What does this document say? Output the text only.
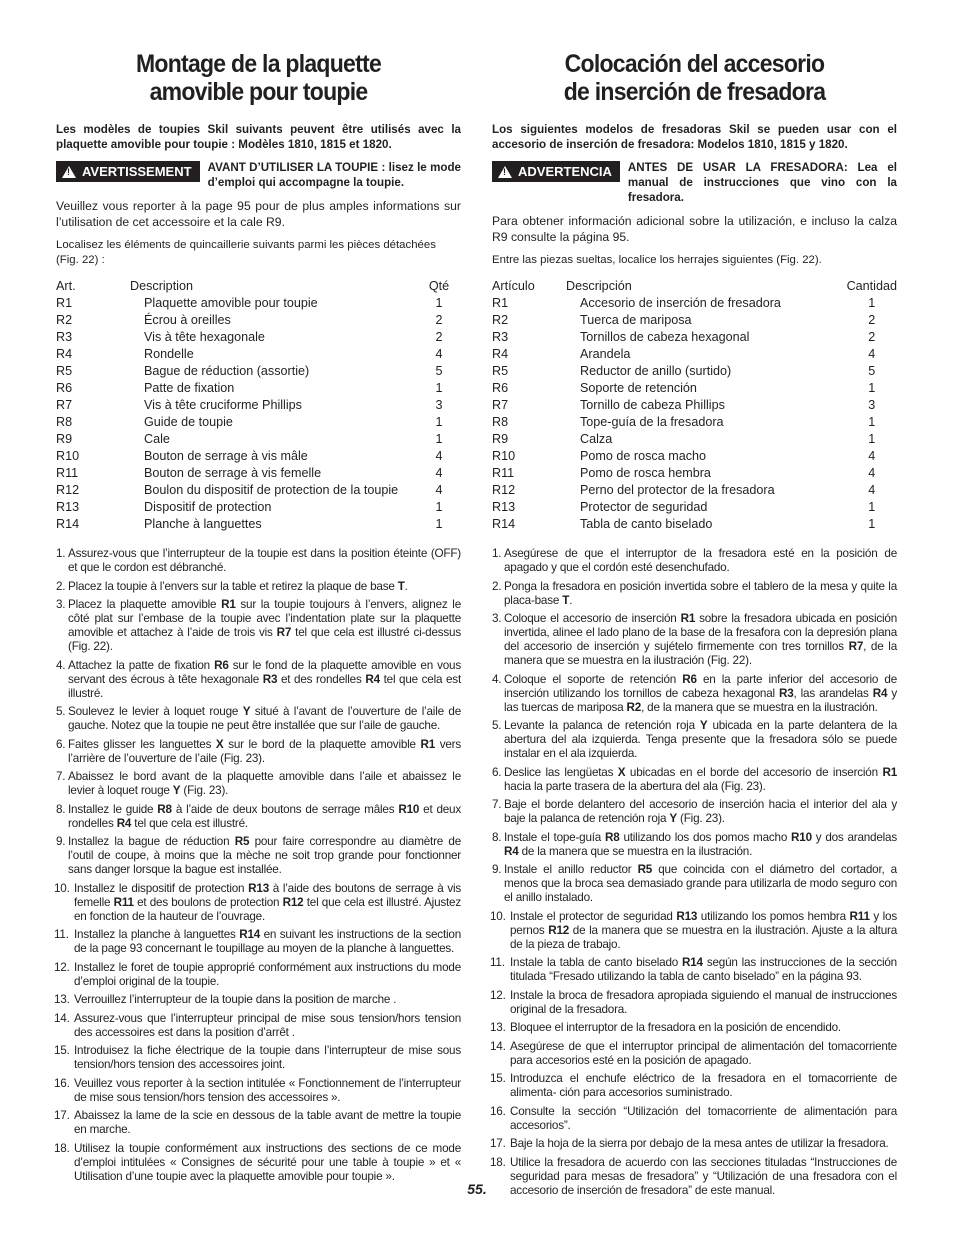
Montage de la plaquette
amovible pour toupie

Les modèles de toupies Skil suivants peuvent être utilisés avec la plaquette amovible pour toupie : Modèles 1810, 1815 et 1820.

!
AVERTISSEMENT AVANT D’UTILISER LA TOUPIE : lisez le mode d’emploi qui accompagne la toupie.

Veuillez vous reporter à la page 95 pour de plus amples informations sur l’utilisation de cet accessoire et la cale R9.

Localisez les éléments de quincaillerie suivants parmi les pièces détachées (Fig. 22) :

Art.	Description	Qté
R1	Plaquette amovible pour toupie	1
R2	Écrou à oreilles	2
R3	Vis à tête hexagonale	2
R4	Rondelle	4
R5	Bague de réduction (assortie)	5
R6	Patte de fixation	1
R7	Vis à tête cruciforme Phillips	3
R8	Guide de toupie	1
R9	Cale	1
R10	Bouton de serrage à vis mâle	4
R11	Bouton de serrage à vis femelle	4
R12	Boulon du dispositif de protection de la toupie	4
R13	Dispositif de protection	1
R14	Planche à languettes	1
1. Assurez-vous que l’interrupteur de la toupie est dans la position éteinte (OFF) et que le cordon est débranché.
2. Placez la toupie à l’envers sur la table et retirez la plaque de base T.
3. Placez la plaquette amovible R1 sur la toupie toujours à l’envers, alignez le côté plat sur l’embase de la toupie avec l’indentation plate sur la plaquette amovible et attachez à l’aide de trois vis R7 tel que cela est illustré ci-dessus (Fig. 22).
4. Attachez la patte de fixation R6 sur le fond de la plaquette amovible en vous servant des écrous à tête hexagonale R3 et des rondelles R4 tel que cela est illustré.
5. Soulevez le levier à loquet rouge Y situé à l’avant de l’ouverture de l’aile de gauche. Notez que la toupie ne peut être installée que sur l’aile de gauche.
6. Faites glisser les languettes X sur le bord de la plaquette amovible R1 vers l’arrière de l’ouverture de l’aile (Fig. 23).
7. Abaissez le bord avant de la plaquette amovible dans l’aile et abaissez le levier à loquet rouge Y (Fig. 23).
8. Installez le guide R8 à l’aide de deux boutons de serrage mâles R10 et deux rondelles R4 tel que cela est illustré.
9. Installez la bague de réduction R5 pour faire correspondre au diamètre de l’outil de coupe, à moins que la mèche ne soit trop grande pour fonctionner sans danger lorsque la bague est installée.
10. Installez le dispositif de protection R13 à l’aide des boutons de serrage à vis femelle R11 et des boulons de protection R12 tel que cela est illustré. Ajustez en fonction de la hauteur de l’ouvrage.
11. Installez la planche à languettes R14 en suivant les instructions de la section de la page 93 concernant le toupillage au moyen de la planche à languettes.
12. Installez le foret de toupie approprié conformément aux instructions du mode d’emploi original de la toupie.
13. Verrouillez l’interrupteur de la toupie dans la position de marche .
14. Assurez-vous que l’interrupteur principal de mise sous tension/hors tension des accessoires est dans la position d’arrêt .
15. Introduisez la fiche électrique de la toupie dans l’interrupteur de mise sous tension/hors tension des accessoires joint.
16. Veuillez vous reporter à la section intitulée « Fonctionnement de l’interrupteur de mise sous tension/hors tension des accessoires ».
17. Abaissez la lame de la scie en dessous de la table avant de mettre la toupie en marche.
18. Utilisez la toupie conformément aux instructions des sections de ce mode d’emploi intitulées « Consignes de sécurité pour une table à toupie » et « Utilisation d’une toupie avec la plaquette amovible pour toupie ».
Colocación del accesorio
de inserción de fresadora

Los siguientes modelos de fresadoras Skil se pueden usar con el accesorio de inserción de fresadora: Modelos 1810, 1815 y 1820.

!
ADVERTENCIA ANTES DE USAR LA FRESADORA: Lea el manual de instrucciones que vino con la fresadora.

Para obtener información adicional sobre la utilización, e incluso la calza R9 consulte la página 95.

Entre las piezas sueltas, localice los herrajes siguientes (Fig. 22).

Artículo	Descripción	Cantidad
R1	Accesorio de inserción de fresadora	1
R2	Tuerca de mariposa	2
R3	Tornillos de cabeza hexagonal	2
R4	Arandela	4
R5	Reductor de anillo (surtido)	5
R6	Soporte de retención	1
R7	Tornillo de cabeza Phillips	3
R8	Tope-guía de la fresadora	1
R9	Calza	1
R10	Pomo de rosca macho	4
R11	Pomo de rosca hembra	4
R12	Perno del protector de la fresadora	4
R13	Protector de seguridad	1
R14	Tabla de canto biselado	1
1. Asegúrese de que el interruptor de la fresadora esté en la posición de apagado y que el cordón esté desenchufado.
2. Ponga la fresadora en posición invertida sobre el tablero de la mesa y quite la placa-base T.
3. Coloque el accesorio de inserción R1 sobre la fresadora ubicada en posición invertida, alinee el lado plano de la base de la fresafora con la depresión plana del accesorio de inserción y sujételo firmemente con tres tornillos R7, de la manera que se muestra en la ilustración (Fig. 22).
4. Coloque el soporte de retención R6 en la parte inferior del accesorio de inserción utilizando los tornillos de cabeza hexagonal R3, las arandelas R4 y las tuercas de mariposa R2, de la manera que se muestra en la ilustración.
5. Levante la palanca de retención roja Y ubicada en la parte delantera de la abertura del ala izquierda. Tenga presente que la fresadora sólo se puede instalar en el ala izquierda.
6. Deslice las lengüetas X ubicadas en el borde del accesorio de inserción R1 hacia la parte trasera de la abertura del ala (Fig. 23).
7. Baje el borde delantero del accesorio de inserción hacia el interior del ala y baje la palanca de retención roja Y (Fig. 23).
8. Instale el tope-guía R8 utilizando los dos pomos macho R10 y dos arandelas R4 de la manera que se muestra en la ilustración.
9. Instale el anillo reductor R5 que coincida con el diámetro del cortador, a menos que la broca sea demasiado grande para utilizarla de modo seguro con el anillo instalado.
10. Instale el protector de seguridad R13 utilizando los pomos hembra R11 y los pernos R12 de la manera que se muestra en la ilustración. Ajuste a la altura de la pieza de trabajo.
11. Instale la tabla de canto biselado R14 según las instrucciones de la sección titulada “Fresado utilizando la tabla de canto biselado” en la página 93.
12. Instale la broca de fresadora apropiada siguiendo el manual de instrucciones original de la fresadora.
13. Bloquee el interruptor de la fresadora en la posición de encendido.
14. Asegúrese de que el interruptor principal de alimentación del tomacorriente para accesorios esté en la posición de apagado.
15. Introduzca el enchufe eléctrico de la fresadora en el tomacorriente de alimenta- ción para accesorios suministrado.
16. Consulte la sección “Utilización del tomacorriente de alimentación para accesorios”.
17. Baje la hoja de la sierra por debajo de la mesa antes de utilizar la fresadora.
18. Utilice la fresadora de acuerdo con las secciones tituladas “Instrucciones de seguridad para mesas de fresadora” y “Utilización de una fresadora con el accesorio de inserción de fresadora” de este manual.
55.
